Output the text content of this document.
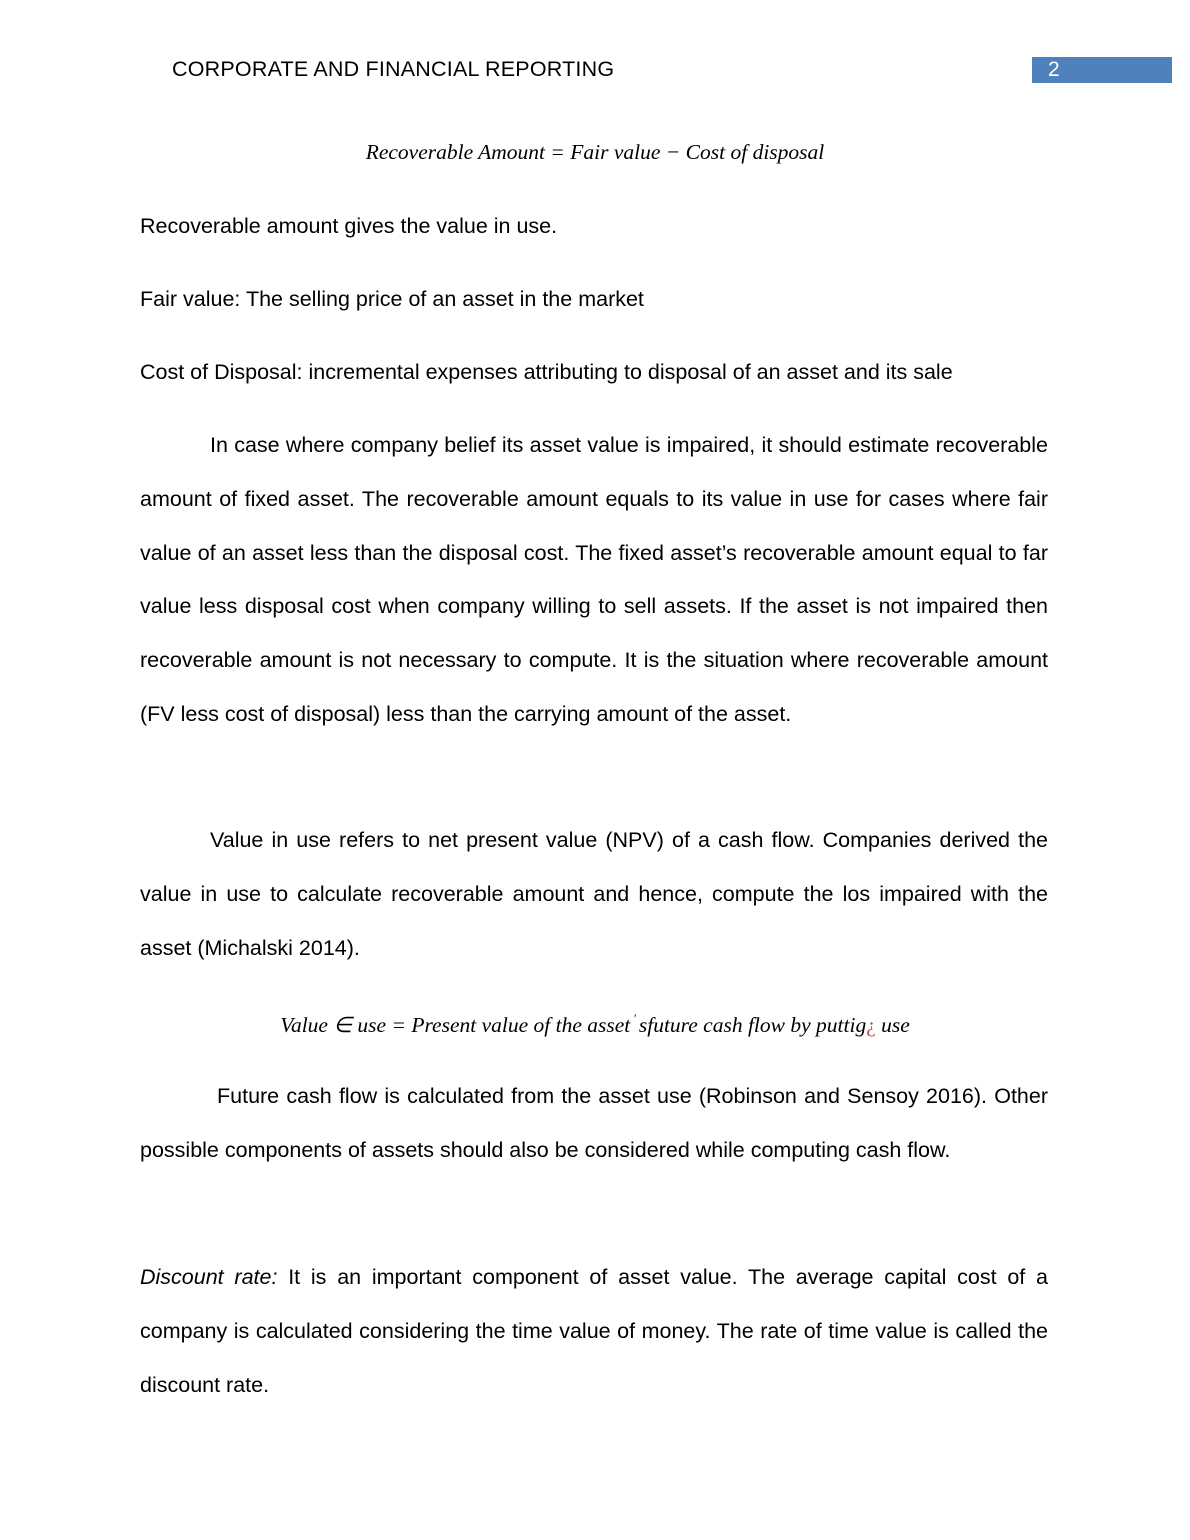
CORPORATE AND FINANCIAL REPORTING	2
Recoverable Amount = Fair value − Cost of disposal
Recoverable amount gives the value in use.
Fair value: The selling price of an asset in the market
Cost of Disposal: incremental expenses attributing to disposal of an asset and its sale

In case where company belief its asset value is impaired, it should estimate recoverable amount of fixed asset. The recoverable amount equals to its value in use for cases where fair value of an asset less than the disposal cost. The fixed asset’s recoverable amount equal to far value less disposal cost when company willing to sell assets. If the asset is not impaired then recoverable amount is not necessary to compute. It is the situation where recoverable amount (FV less cost of disposal) less than the carrying amount of the asset.

Value in use refers to net present value (NPV) of a cash flow. Companies derived the value in use to calculate recoverable amount and hence, compute the los impaired with the asset (Michalski 2014).

Value ∈ use = Present value of the asset ' sfuture cash flow by puttig¿ use

Future cash flow is calculated from the asset use (Robinson and Sensoy 2016). Other possible components of assets should also be considered while computing cash flow.

Discount rate: It is an important component of asset value. The average capital cost of a company is calculated considering the time value of money. The rate of time value is called the discount rate.
